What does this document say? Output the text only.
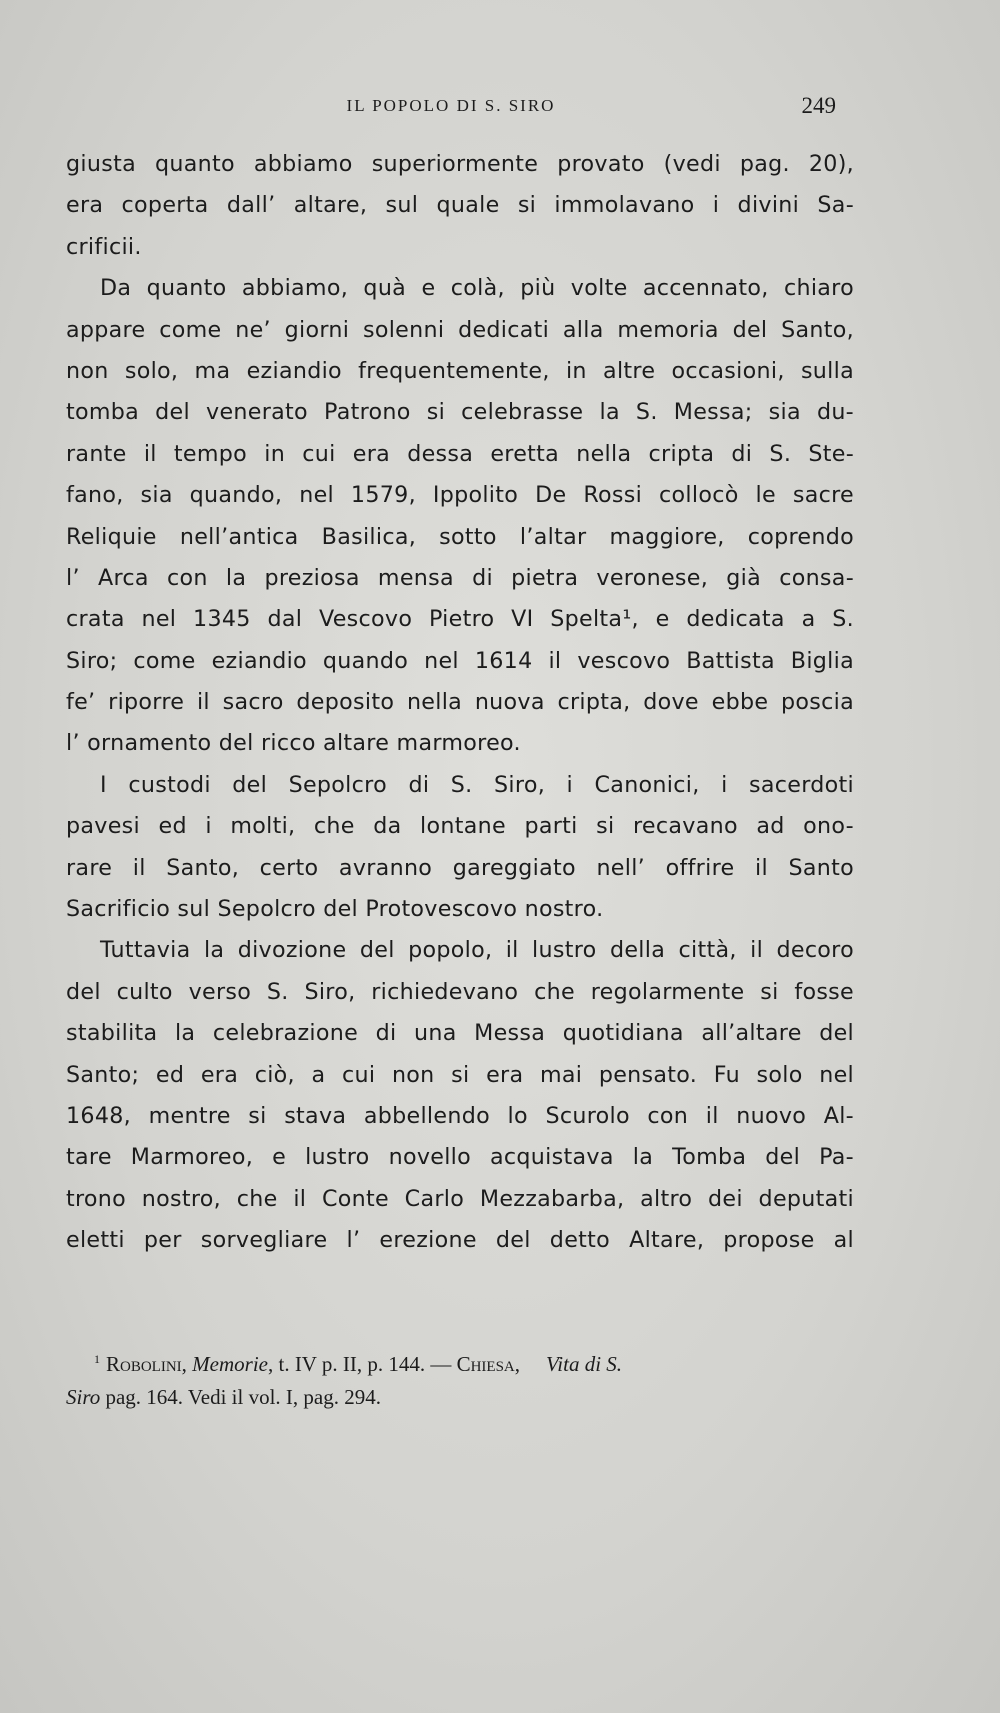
IL POPOLO DI S. SIRO	249
giusta quanto abbiamo superiormente provato (vedi pag. 20),
era coperta dall’ altare, sul quale si immolavano i divini Sa-
crificii.
Da quanto abbiamo, quà e colà, più volte accennato, chiaro
appare come ne’ giorni solenni dedicati alla memoria del Santo,
non solo, ma eziandio frequentemente, in altre occasioni, sulla
tomba del venerato Patrono si celebrasse la S. Messa; sia du-
rante il tempo in cui era dessa eretta nella cripta di S. Ste-
fano, sia quando, nel 1579, Ippolito De Rossi collocò le sacre
Reliquie nell’antica Basilica, sotto l’altar maggiore, coprendo
l’ Arca con la preziosa mensa di pietra veronese, già consa-
crata nel 1345 dal Vescovo Pietro VI Spelta¹, e dedicata a S.
Siro; come eziandio quando nel 1614 il vescovo Battista Biglia
fe’ riporre il sacro deposito nella nuova cripta, dove ebbe poscia
l’ ornamento del ricco altare marmoreo.
I custodi del Sepolcro di S. Siro, i Canonici, i sacerdoti
pavesi ed i molti, che da lontane parti si recavano ad ono-
rare il Santo, certo avranno gareggiato nell’ offrire il Santo
Sacrificio sul Sepolcro del Protovescovo nostro.
Tuttavia la divozione del popolo, il lustro della città, il decoro
del culto verso S. Siro, richiedevano che regolarmente si fosse
stabilita la celebrazione di una Messa quotidiana all’altare del
Santo; ed era ciò, a cui non si era mai pensato. Fu solo nel
1648, mentre si stava abbellendo lo Scurolo con il nuovo Al-
tare Marmoreo, e lustro novello acquistava la Tomba del Pa-
trono nostro, che il Conte Carlo Mezzabarba, altro dei deputati
eletti per sorvegliare l’ erezione del detto Altare, propose al
$^1$ Robolini, Memorie, t. IV p. II, p. 144. — Chiesa, Vita di S.
Siro pag. 164. Vedi il vol. I, pag. 294.
